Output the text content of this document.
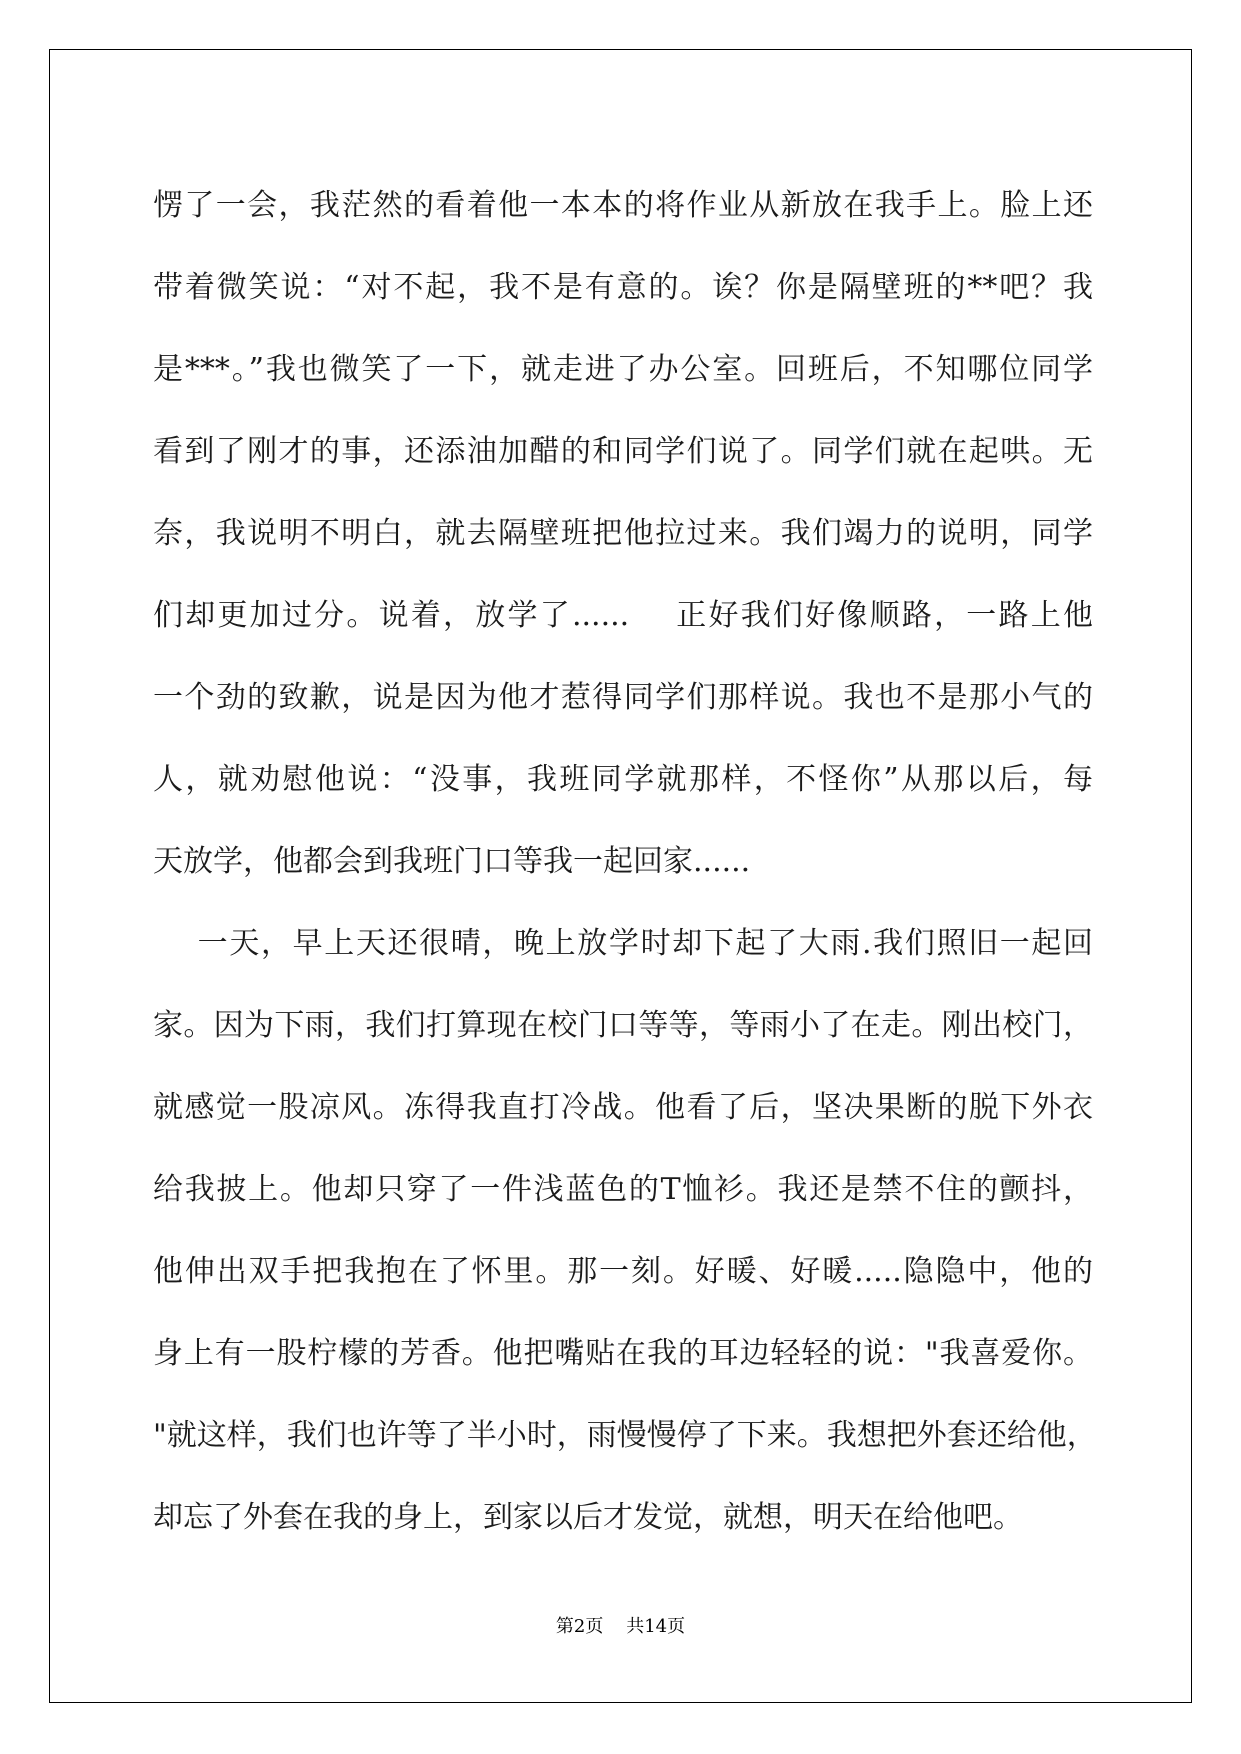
愣了一会，我茫然的看着他一本本的将作业从新放在我手上。脸上还
带着微笑说：“对不起，我不是有意的。诶？你是隔壁班的**吧？我
是***。”我也微笑了一下，就走进了办公室。回班后，不知哪位同学
看到了刚才的事，还添油加醋的和同学们说了。同学们就在起哄。无
奈，我说明不明白，就去隔壁班把他拉过来。我们竭力的说明，同学
们却更加过分。说着，放学了......    正好我们好像顺路，一路上他
一个劲的致歉，说是因为他才惹得同学们那样说。我也不是那小气的
人，就劝慰他说：“没事，我班同学就那样，不怪你”从那以后，每
天放学，他都会到我班门口等我一起回家......
一天，早上天还很晴，晚上放学时却下起了大雨.我们照旧一起回
家。因为下雨，我们打算现在校门口等等，等雨小了在走。刚出校门，
就感觉一股凉风。冻得我直打冷战。他看了后，坚决果断的脱下外衣
给我披上。他却只穿了一件浅蓝色的T恤衫。我还是禁不住的颤抖，
他伸出双手把我抱在了怀里。那一刻。好暖、好暖.....隐隐中，他的
身上有一股柠檬的芳香。他把嘴贴在我的耳边轻轻的说："我喜爱你。
"就这样，我们也许等了半小时，雨慢慢停了下来。我想把外套还给他，
却忘了外套在我的身上，到家以后才发觉，就想，明天在给他吧。
第2页    共14页
